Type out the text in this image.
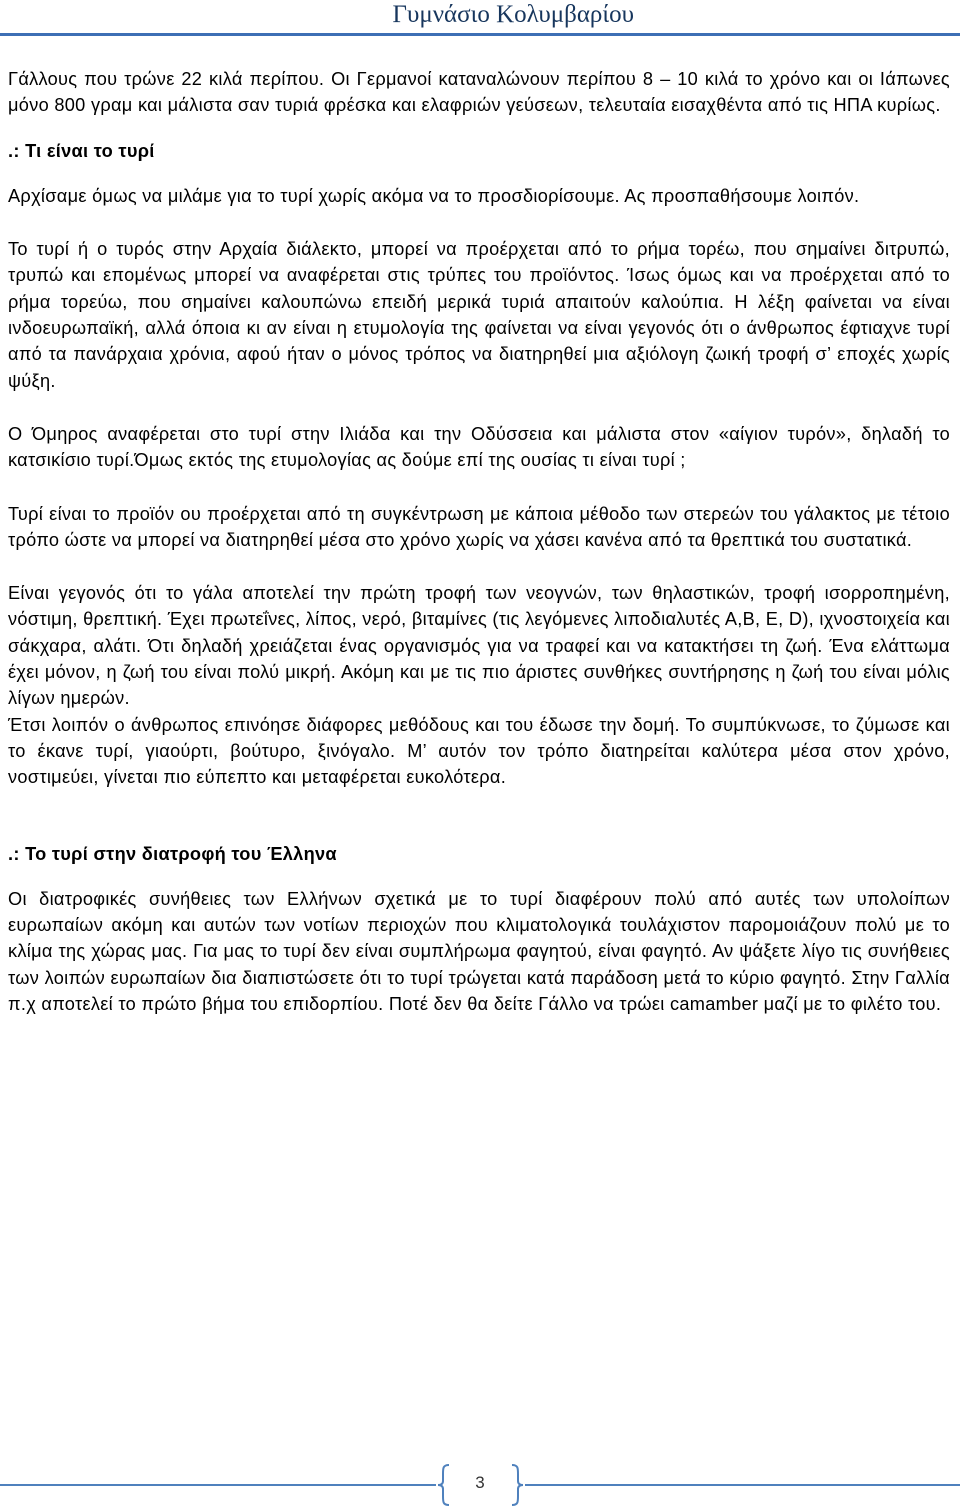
Γυμνάσιο Κολυμβαρίου

Γάλλους που τρώνε 22 κιλά περίπου. Οι Γερμανοί καταναλώνουν περίπου 8 – 10 κιλά το χρόνο και οι Ιάπωνες μόνο 800 γραμ και μάλιστα σαν τυριά φρέσκα και ελαφριών γεύσεων, τελευταία εισαχθέντα από τις ΗΠΑ κυρίως.

.: Τι είναι το τυρί

Αρχίσαμε όμως να μιλάμε για το τυρί χωρίς ακόμα να το προσδιορίσουμε. Ας προσπαθήσουμε λοιπόν.

Το τυρί ή ο τυρός στην Αρχαία διάλεκτο, μπορεί να προέρχεται από το ρήμα τορέω, που σημαίνει διτρυπώ, τρυπώ και επομένως μπορεί να αναφέρεται στις τρύπες του προϊόντος. Ίσως όμως και να προέρχεται από το ρήμα τορεύω, που σημαίνει καλουπώνω επειδή μερικά τυριά απαιτούν καλούπια. Η λέξη φαίνεται να είναι ινδοευρωπαϊκή, αλλά όποια κι αν είναι η ετυμολογία της φαίνεται να είναι γεγονός ότι ο άνθρωπος έφτιαχνε τυρί από τα πανάρχαια χρόνια, αφού ήταν ο μόνος τρόπος να διατηρηθεί μια αξιόλογη ζωική τροφή σ’ εποχές χωρίς ψύξη.

Ο Όμηρος αναφέρεται στο τυρί στην Ιλιάδα και την Οδύσσεια και μάλιστα στον «αίγιον τυρόν», δηλαδή το κατσικίσιο τυρί.Όμως εκτός της ετυμολογίας ας δούμε επί της ουσίας τι είναι τυρί ;

Τυρί είναι το προϊόν ου προέρχεται από τη συγκέντρωση με κάποια μέθοδο των στερεών του γάλακτος με τέτοιο τρόπο ώστε να μπορεί να διατηρηθεί μέσα στο χρόνο χωρίς να χάσει κανένα από τα θρεπτικά του συστατικά.

Είναι γεγονός ότι το γάλα αποτελεί την πρώτη τροφή των νεογνών, των θηλαστικών, τροφή ισορροπημένη, νόστιμη, θρεπτική. Έχει πρωτεΐνες, λίπος, νερό, βιταμίνες (τις λεγόμενες λιποδιαλυτές Α,Β, Ε, D), ιχνοστοιχεία και σάκχαρα, αλάτι. Ότι δηλαδή χρειάζεται ένας οργανισμός για να τραφεί και να κατακτήσει τη ζωή. Ένα ελάττωμα έχει μόνον, η ζωή του είναι πολύ μικρή. Ακόμη και με τις πιο άριστες συνθήκες συντήρησης η ζωή του είναι μόλις λίγων ημερών.

Έτσι λοιπόν ο άνθρωπος επινόησε διάφορες μεθόδους και του έδωσε την δομή. Το συμπύκνωσε, το ζύμωσε και το έκανε τυρί, γιαούρτι, βούτυρο, ξινόγαλο. Μ’ αυτόν τον τρόπο διατηρείται καλύτερα μέσα στον χρόνο, νοστιμεύει, γίνεται πιο εύπεπτο και μεταφέρεται ευκολότερα.

.: Το τυρί στην διατροφή του Έλληνα

Οι διατροφικές συνήθειες των Ελλήνων σχετικά με το τυρί διαφέρουν πολύ από αυτές των υπολοίπων ευρωπαίων ακόμη και αυτών των νοτίων περιοχών που κλιματολογικά τουλάχιστον παρομοιάζουν πολύ με το κλίμα της χώρας μας. Για μας το τυρί δεν είναι συμπλήρωμα φαγητού, είναι φαγητό. Αν ψάξετε λίγο τις συνήθειες των λοιπών ευρωπαίων δια διαπιστώσετε ότι το τυρί τρώγεται κατά παράδοση μετά το κύριο φαγητό. Στην Γαλλία π.χ αποτελεί το πρώτο βήμα του επιδορπίου. Ποτέ δεν θα δείτε Γάλλο να τρώει camamber μαζί με το φιλέτο του.

3
